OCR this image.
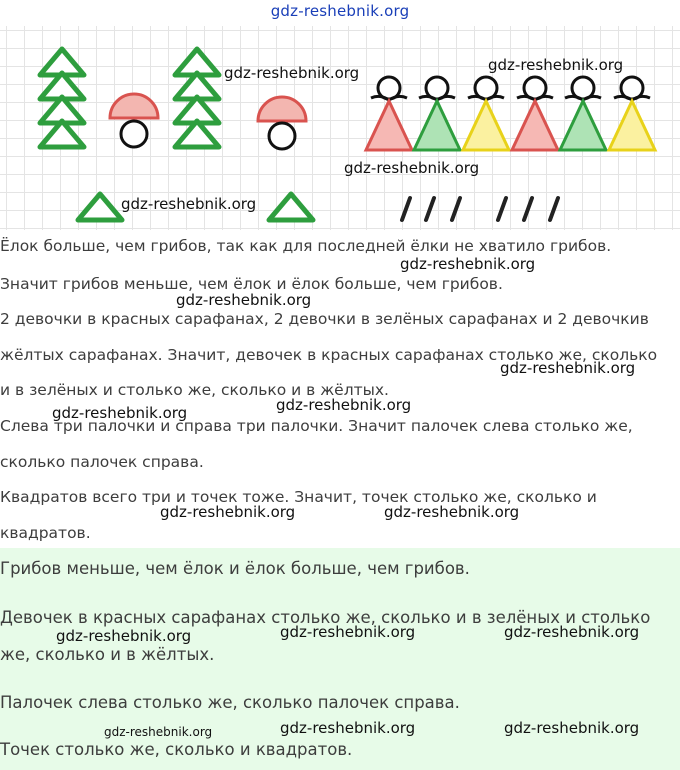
gdz-reshebnik.org
Ёлок больше, чем грибов, так как для последней ёлки не хватило грибов.
Значит грибов меньше, чем ёлок и ёлок больше, чем грибов.
2 девочки в красных сарафанах, 2 девочки в зелёных сарафанах и 2 девочкив
жёлтых сарафанах. Значит, девочек в красных сарафанах столько же, сколько
и в зелёных и столько же, сколько и в жёлтых.
Слева три палочки и справа три палочки. Значит палочек слева столько же,
сколько палочек справа.
Квадратов всего три и точек тоже. Значит, точек столько же, сколько и
квадратов.
Грибов меньше, чем ёлок и ёлок больше, чем грибов.
Девочек в красных сарафанах столько же, сколько и в зелёных и столько
же, сколько и в жёлтых.
Палочек слева столько же, сколько палочек справа.
Точек столько же, сколько и квадратов.
gdz-reshebnik.org	gdz-reshebnik.org
gdz-reshebnik.org
gdz-reshebnik.org
gdz-reshebnik.org
gdz-reshebnik.org
gdz-reshebnik.org
gdz-reshebnik.org
gdz-reshebnik.org
gdz-reshebnik.org	gdz-reshebnik.org
gdz-reshebnik.org	gdz-reshebnik.org	gdz-reshebnik.org
gdz-reshebnik.org	gdz-reshebnik.org	gdz-reshebnik.org
